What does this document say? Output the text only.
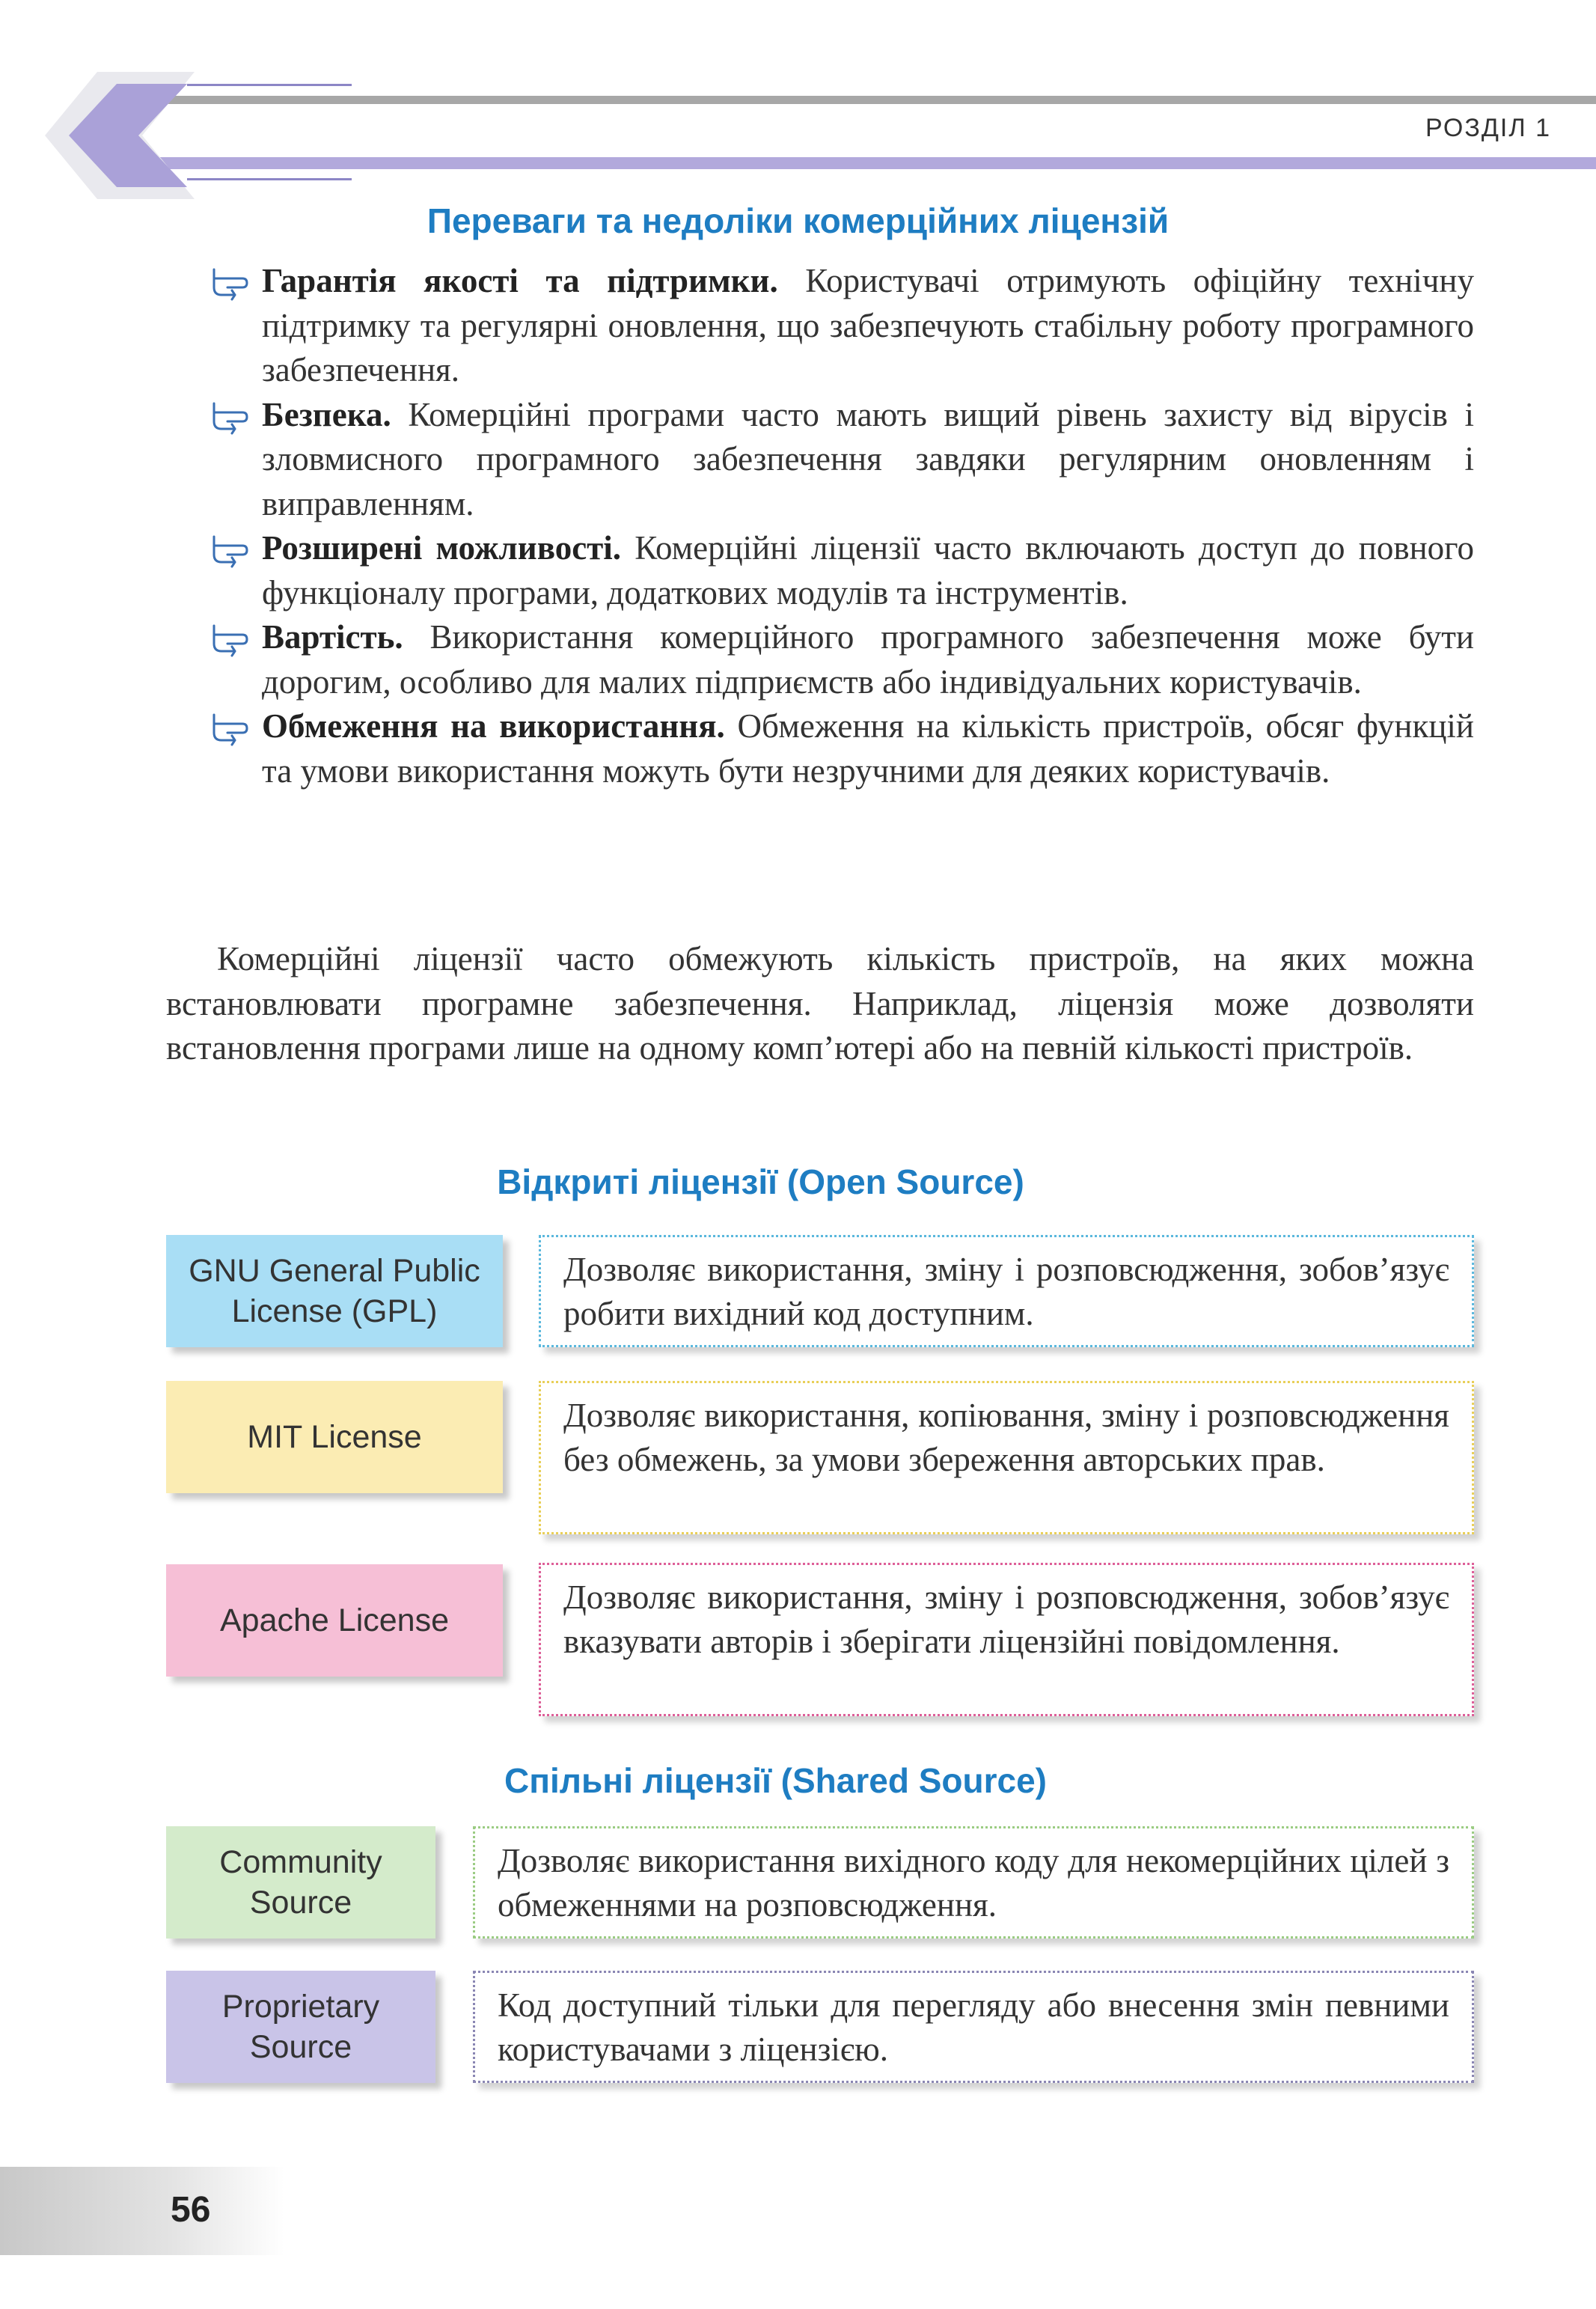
РОЗДІЛ 1
Переваги та недоліки комерційних ліцензій

Гарантія якості та підтримки. Користувачі отримують офіційну технічну підтримку та регулярні оновлення, що забезпечують стабільну роботу програмного забезпечення.

Безпека. Комерційні програми часто мають вищий рівень захисту від вірусів і зловмисного програмного забезпечення завдяки регулярним оновленням і виправленням.

Розширені можливості. Комерційні ліцензії часто включають доступ до повного функціоналу програми, додаткових модулів та інструментів.

Вартість. Використання комерційного програмного забезпечення може бути дорогим, особливо для малих підприємств або індивідуальних користувачів.

Обмеження на використання. Обмеження на кількість пристроїв, обсяг функцій та умови використання можуть бути незручними для деяких користувачів.

Комерційні ліцензії часто обмежують кількість пристроїв, на яких можна встановлювати програмне забезпечення. Наприклад, ліцензія може дозволяти встановлення програми лише на одному комп’ютері або на певній кількості пристроїв.

Відкриті ліцензії (Open Source)
GNU General Public License (GPL)
Дозволяє використання, зміну і розповсюдження, зобов’язує робити вихідний код доступним.
MIT License
Дозволяє використання, копіювання, зміну і розповсюдження без обмежень, за умови збереження авторських прав.
Apache License
Дозволяє використання, зміну і розповсюдження, зобов’язує вказувати авторів і зберігати ліцензійні повідомлення.
Спільні ліцензії (Shared Source)
Community Source
Дозволяє використання вихідного коду для некомерційних цілей з обмеженнями на розповсюдження.
Proprietary Source
Код доступний тільки для перегляду або внесення змін певними користувачами з ліцензією.
56
